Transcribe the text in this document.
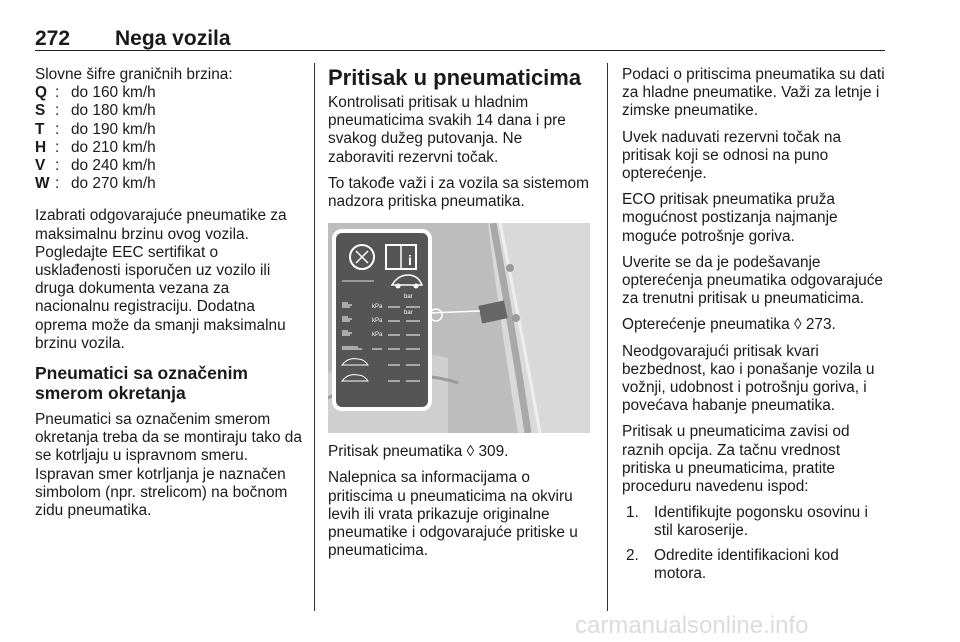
272 Nega vozila
Slovne šifre graničnih brzina:
Q : do 160 km/h
S : do 180 km/h
T : do 190 km/h
H : do 210 km/h
V : do 240 km/h
W : do 270 km/h

Izabrati odgovarajuće pneumatike za maksimalnu brzinu ovog vozila. Pogledajte EEC sertifikat o usklađenosti isporučen uz vozilo ili druga dokumenta vezana za nacionalnu registraciju. Dodatna oprema može da smanji maksimalnu brzinu vozila.

Pneumatici sa označenim smerom okretanja

Pneumatici sa označenim smerom okretanja treba da se montiraju tako da se kotrljaju u ispravnom smeru. Ispravan smer kotrljanja je naznačen simbolom (npr. strelicom) na bočnom zidu pneumatika.

Pritisak u pneumaticima

Kontrolisati pritisak u hladnim pneumaticima svakih 14 dana i pre svakog dužeg putovanja. Ne zaboraviti rezervni točak.

To takođe važi i za vozila sa sistemom nadzora pritiska pneumatika.

i
kPa
bar
kPa
bar
kPa

Pritisak pneumatika ◊ 309.

Nalepnica sa informacijama o pritiscima u pneumaticima na okviru levih ili vrata prikazuje originalne pneumatike i odgovarajuće pritiske u pneumaticima.

Podaci o pritiscima pneumatika su dati za hladne pneumatike. Važi za letnje i zimske pneumatike.

Uvek naduvati rezervni točak na pritisak koji se odnosi na puno opterećenje.

ECO pritisak pneumatika pruža mogućnost postizanja najmanje moguće potrošnje goriva.

Uverite se da je podešavanje opterećenja pneumatika odgovarajuće za trenutni pritisak u pneumaticima.

Opterećenje pneumatika ◊ 273.

Neodgovarajući pritisak kvari bezbednost, kao i ponašanje vozila u vožnji, udobnost i potrošnju goriva, i povećava habanje pneumatika.

Pritisak u pneumaticima zavisi od raznih opcija. Za tačnu vrednost pritiska u pneumaticima, pratite proceduru navedenu ispod:

1. Identifikujte pogonsku osovinu i stil karoserije.
2. Odredite identifikacioni kod motora.
carmanualsonline.info
